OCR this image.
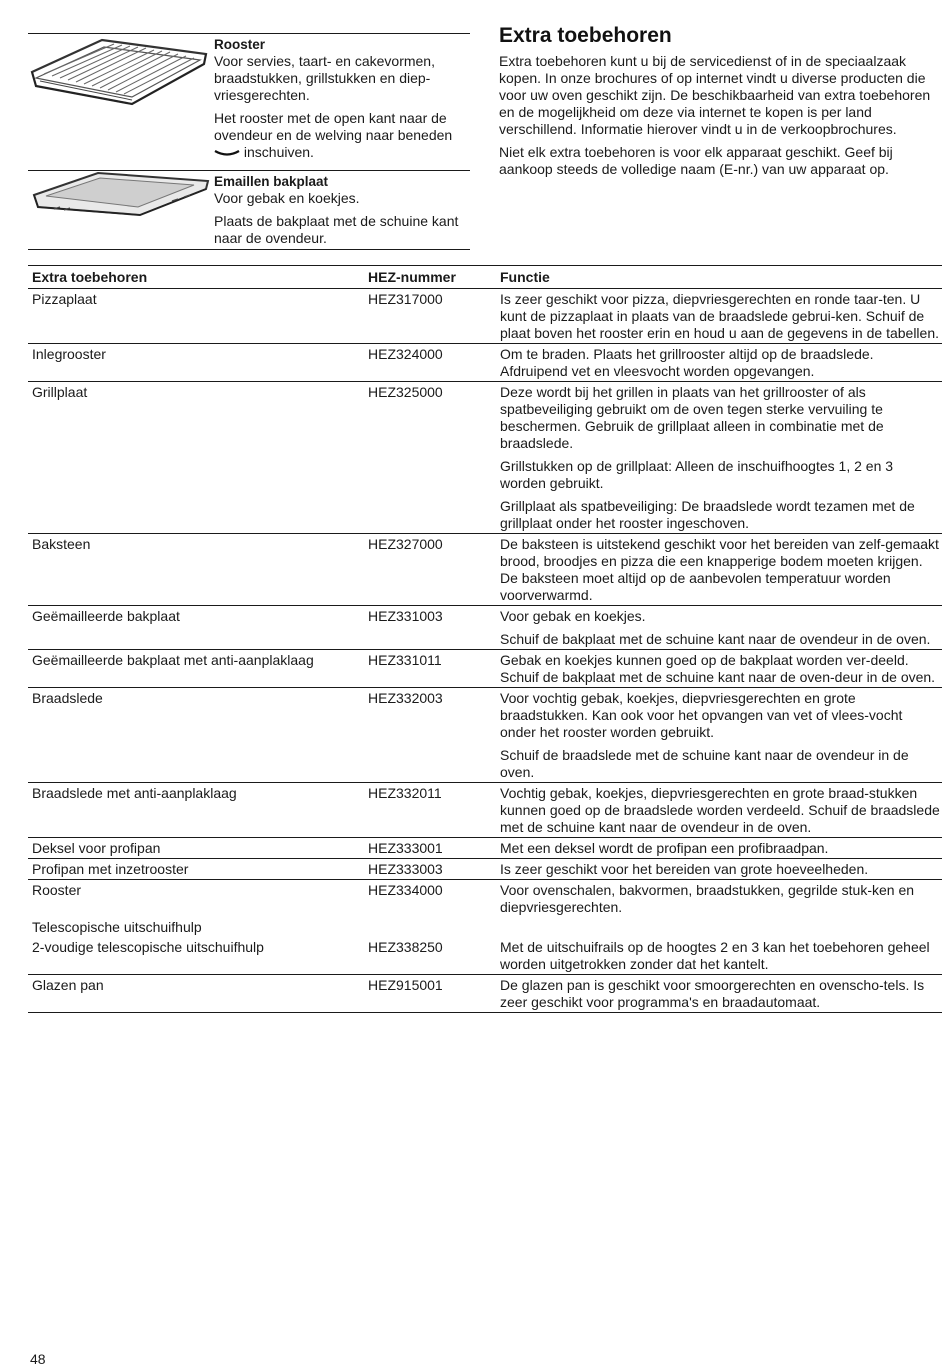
Rooster

Voor servies, taart- en cakevormen, braadstukken, grillstukken en diep-vriesgerechten.

Het rooster met de open kant naar de ovendeur en de welving naar beneden  inschuiven.

Emaillen bakplaat

Voor gebak en koekjes.

Plaats de bakplaat met de schuine kant naar de ovendeur.

Extra toebehoren

Extra toebehoren kunt u bij de servicedienst of in de speciaalzaak kopen. In onze brochures of op internet vindt u diverse producten die voor uw oven geschikt zijn. De beschikbaarheid van extra toebehoren en de mogelijkheid om deze via internet te kopen is per land verschillend. Informatie hierover vindt u in de verkoopbrochures.

Niet elk extra toebehoren is voor elk apparaat geschikt. Geef bij aankoop steeds de volledige naam (E-nr.) van uw apparaat op.

Extra toebehoren	HEZ-nummer	Functie
Pizzaplaat	HEZ317000	Is zeer geschikt voor pizza, diepvriesgerechten en ronde taar-ten. U kunt de pizzaplaat in plaats van de braadslede gebrui-ken. Schuif de plaat boven het rooster erin en houd u aan de gegevens in de tabellen.

Inlegrooster	HEZ324000	Om te braden. Plaats het grillrooster altijd op de braadslede. Afdruipend vet en vleesvocht worden opgevangen.

Grillplaat	HEZ325000	Deze wordt bij het grillen in plaats van het grillrooster of als spatbeveiliging gebruikt om de oven tegen sterke vervuiling te beschermen. Gebruik de grillplaat alleen in combinatie met de braadslede.

Grillstukken op de grillplaat: Alleen de inschuifhoogtes 1, 2 en 3 worden gebruikt.

Grillplaat als spatbeveiliging: De braadslede wordt tezamen met de grillplaat onder het rooster ingeschoven.

Baksteen	HEZ327000	De baksteen is uitstekend geschikt voor het bereiden van zelf-gemaakt brood, broodjes en pizza die een knapperige bodem moeten krijgen. De baksteen moet altijd op de aanbevolen temperatuur worden voorverwarmd.

Geëmailleerde bakplaat	HEZ331003	Voor gebak en koekjes.

Schuif de bakplaat met de schuine kant naar de ovendeur in de oven.

Geëmailleerde bakplaat met anti-aanplaklaag	HEZ331011	Gebak en koekjes kunnen goed op de bakplaat worden ver-deeld. Schuif de bakplaat met de schuine kant naar de oven-deur in de oven.

Braadslede	HEZ332003	Voor vochtig gebak, koekjes, diepvriesgerechten en grote braadstukken. Kan ook voor het opvangen van vet of vlees-vocht onder het rooster worden gebruikt.

Schuif de braadslede met de schuine kant naar de ovendeur in de oven.

Braadslede met anti-aanplaklaag	HEZ332011	Vochtig gebak, koekjes, diepvriesgerechten en grote braad-stukken kunnen goed op de braadslede worden verdeeld. Schuif de braadslede met de schuine kant naar de ovendeur in de oven.

Deksel voor profipan	HEZ333001	Met een deksel wordt de profipan een profibraadpan.

Profipan met inzetrooster	HEZ333003	Is zeer geschikt voor het bereiden van grote hoeveelheden.

Rooster	HEZ334000	Voor ovenschalen, bakvormen, braadstukken, gegrilde stuk-ken en diepvriesgerechten.

Telescopische uitschuifhulp
2-voudige telescopische uitschuifhulp	HEZ338250	Met de uitschuifrails op de hoogtes 2 en 3 kan het toebehoren geheel worden uitgetrokken zonder dat het kantelt.

Glazen pan	HEZ915001	De glazen pan is geschikt voor smoorgerechten en ovenscho-tels. Is zeer geschikt voor programma's en braadautomaat.

48
